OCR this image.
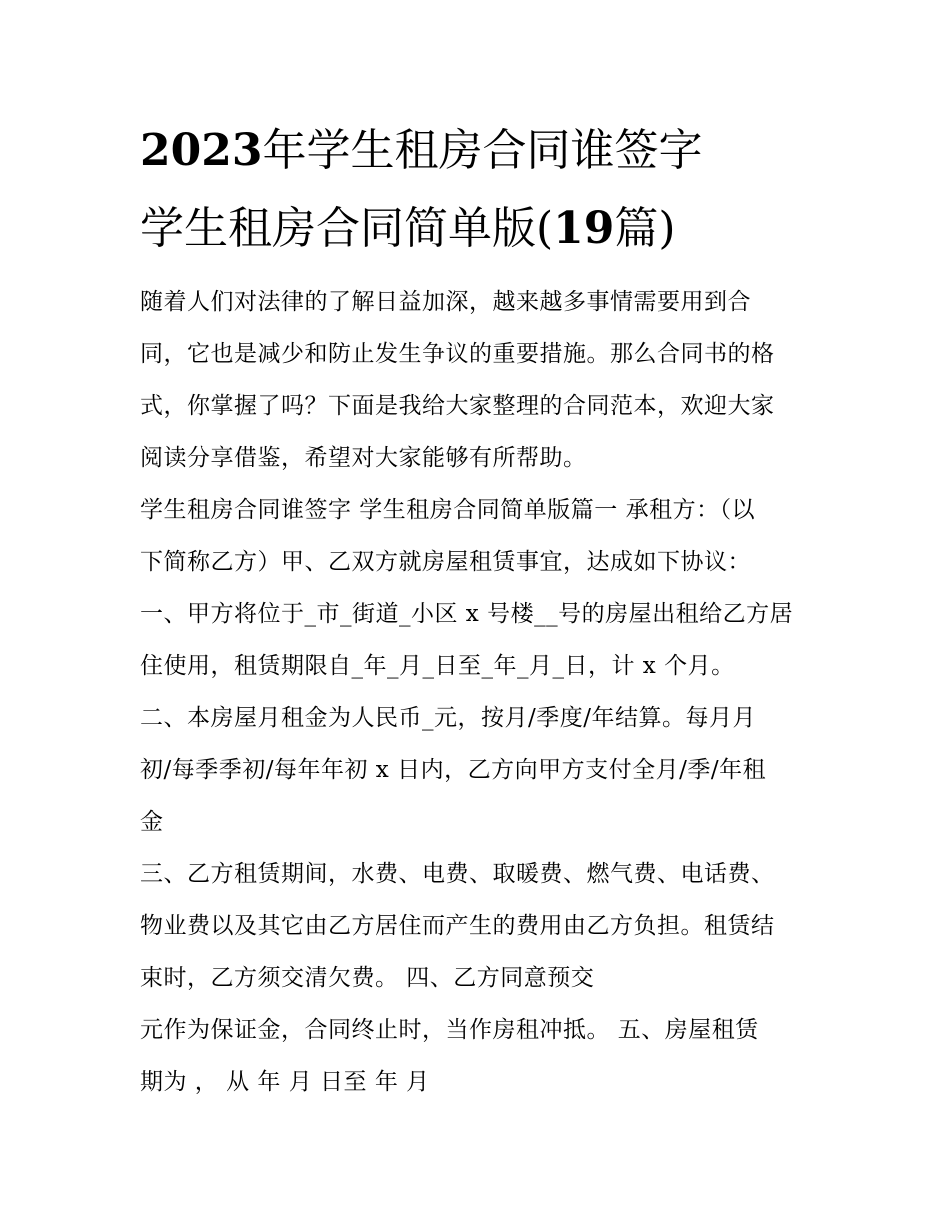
2023年学生租房合同谁签字
学生租房合同简单版(19篇)

随着人们对法律的了解日益加深，越来越多事情需要用到合
同，它也是减少和防止发生争议的重要措施。那么合同书的格
式，你掌握了吗？下面是我给大家整理的合同范本，欢迎大家
阅读分享借鉴，希望对大家能够有所帮助。

学生租房合同谁签字 学生租房合同简单版篇一 承租方：（以
下简称乙方）甲、乙双方就房屋租赁事宜，达成如下协议：

一、甲方将位于_市_街道_小区 x 号楼__号的房屋出租给乙方居
住使用，租赁期限自_年_月_日至_年_月_日，计 x 个月。

二、本房屋月租金为人民币_元，按月/季度/年结算。每月月
初/每季季初/每年年初 x 日内，乙方向甲方支付全月/季/年租
金

三、乙方租赁期间，水费、电费、取暖费、燃气费、电话费、
物业费以及其它由乙方居住而产生的费用由乙方负担。租赁结
束时，乙方须交清欠费。 四、乙方同意预交

元作为保证金，合同终止时，当作房租冲抵。 五、房屋租赁
期为 ， 从 年 月 日至 年 月
